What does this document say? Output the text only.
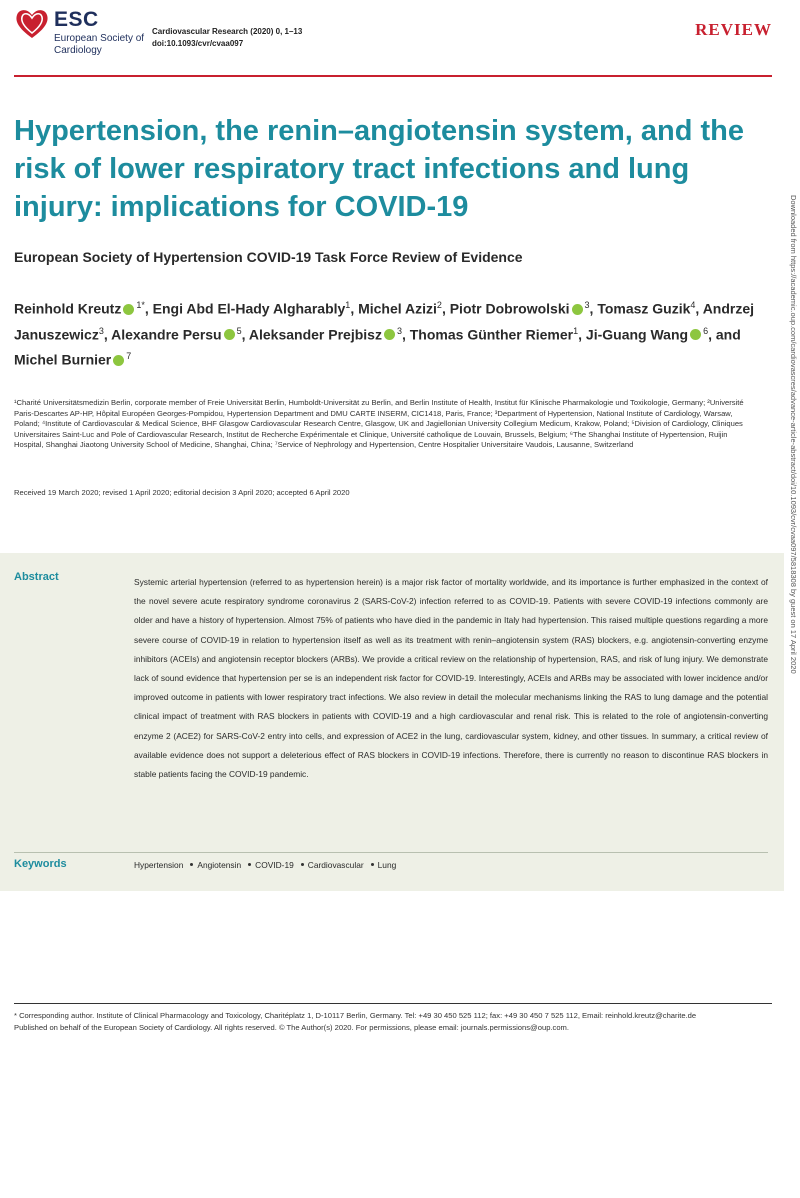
ESC
European Society of Cardiology
Cardiovascular Research (2020) 0, 1–13
doi:10.1093/cvr/cvaa097
REVIEW
Hypertension, the renin–angiotensin system, and the risk of lower respiratory tract infections and lung injury: implications for COVID-19
European Society of Hypertension COVID-19 Task Force Review of Evidence
Reinhold Kreutz $^{1*}$, Engi Abd El-Hady Algharably$^1$, Michel Azizi$^2$, Piotr Dobrowolski $^3$, Tomasz Guzik$^4$, Andrzej Januszewicz$^3$, Alexandre Persu $^5$, Aleksander Prejbisz $^3$, Thomas Günther Riemer$^1$, Ji-Guang Wang $^6$, and Michel Burnier $^7$
¹Charité Universitätsmedizin Berlin, corporate member of Freie Universität Berlin, Humboldt-Universität zu Berlin, and Berlin Institute of Health, Institut für Klinische Pharmakologie und Toxikologie, Germany; ²Université Paris-Descartes AP-HP, Hôpital Européen Georges-Pompidou, Hypertension Department and DMU CARTE INSERM, CIC1418, Paris, France; ³Department of Hypertension, National Institute of Cardiology, Warsaw, Poland; ⁴Institute of Cardiovascular & Medical Science, BHF Glasgow Cardiovascular Research Centre, Glasgow, UK and Jagiellonian University Collegium Medicum, Krakow, Poland; ⁵Division of Cardiology, Cliniques Universitaires Saint-Luc and Pole of Cardiovascular Research, Institut de Recherche Expérimentale et Clinique, Université catholique de Louvain, Brussels, Belgium; ⁶The Shanghai Institute of Hypertension, Ruijin Hospital, Shanghai Jiaotong University School of Medicine, Shanghai, China; ⁷Service of Nephrology and Hypertension, Centre Hospitalier Universitaire Vaudois, Lausanne, Switzerland
Received 19 March 2020; revised 1 April 2020; editorial decision 3 April 2020; accepted 6 April 2020	Downloaded from https://academic.oup.com/cardiovascres/advance-article-abstract/doi/10.1093/cvr/cvaa097/5818308 by guest on 17 April 2020
Abstract	Systemic arterial hypertension (referred to as hypertension herein) is a major risk factor of mortality worldwide, and its importance is further emphasized in the context of the novel severe acute respiratory syndrome coronavirus 2 (SARS-CoV-2) infection referred to as COVID-19. Patients with severe COVID-19 infections commonly are older and have a history of hypertension. Almost 75% of patients who have died in the pandemic in Italy had hypertension. This raised multiple questions regarding a more severe course of COVID-19 in relation to hypertension itself as well as its treatment with renin–angiotensin system (RAS) blockers, e.g. angiotensin-converting enzyme inhibitors (ACEIs) and angiotensin receptor blockers (ARBs). We provide a critical review on the relationship of hypertension, RAS, and risk of lung injury. We demonstrate lack of sound evidence that hypertension per se is an independent risk factor for COVID-19. Interestingly, ACEIs and ARBs may be associated with lower incidence and/or improved outcome in patients with lower respiratory tract infections. We also review in detail the molecular mechanisms linking the RAS to lung damage and the potential clinical impact of treatment with RAS blockers in patients with COVID-19 and a high cardiovascular and renal risk. This is related to the role of angiotensin-converting enzyme 2 (ACE2) for SARS-CoV-2 entry into cells, and expression of ACE2 in the lung, cardiovascular system, kidney, and other tissues. In summary, a critical review of available evidence does not support a deleterious effect of RAS blockers in COVID-19 infections. Therefore, there is currently no reason to discontinue RAS blockers in stable patients facing the COVID-19 pandemic.

Keywords	Hypertension Angiotensin COVID-19 Cardiovascular Lung
* Corresponding author. Institute of Clinical Pharmacology and Toxicology, Charitéplatz 1, D-10117 Berlin, Germany. Tel: +49 30 450 525 112; fax: +49 30 450 7 525 112, Email: reinhold.kreutz@charite.de
Published on behalf of the European Society of Cardiology. All rights reserved. © The Author(s) 2020. For permissions, please email: journals.permissions@oup.com.
